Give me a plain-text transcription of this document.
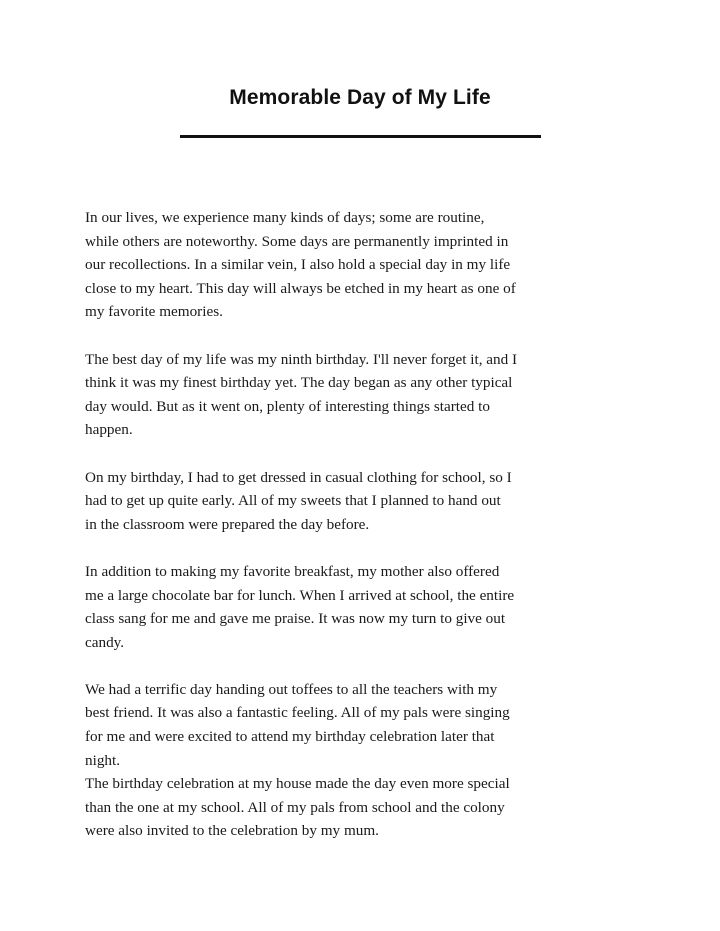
Memorable Day of My Life

In our lives, we experience many kinds of days; some are routine,
while others are noteworthy. Some days are permanently imprinted in
our recollections. In a similar vein, I also hold a special day in my life
close to my heart. This day will always be etched in my heart as one of
my favorite memories.

The best day of my life was my ninth birthday. I'll never forget it, and I
think it was my finest birthday yet. The day began as any other typical
day would. But as it went on, plenty of interesting things started to
happen.

On my birthday, I had to get dressed in casual clothing for school, so I
had to get up quite early. All of my sweets that I planned to hand out
in the classroom were prepared the day before.

In addition to making my favorite breakfast, my mother also offered
me a large chocolate bar for lunch. When I arrived at school, the entire
class sang for me and gave me praise. It was now my turn to give out
candy.

We had a terrific day handing out toffees to all the teachers with my
best friend. It was also a fantastic feeling. All of my pals were singing
for me and were excited to attend my birthday celebration later that
night.

The birthday celebration at my house made the day even more special
than the one at my school. All of my pals from school and the colony
were also invited to the celebration by my mum.
